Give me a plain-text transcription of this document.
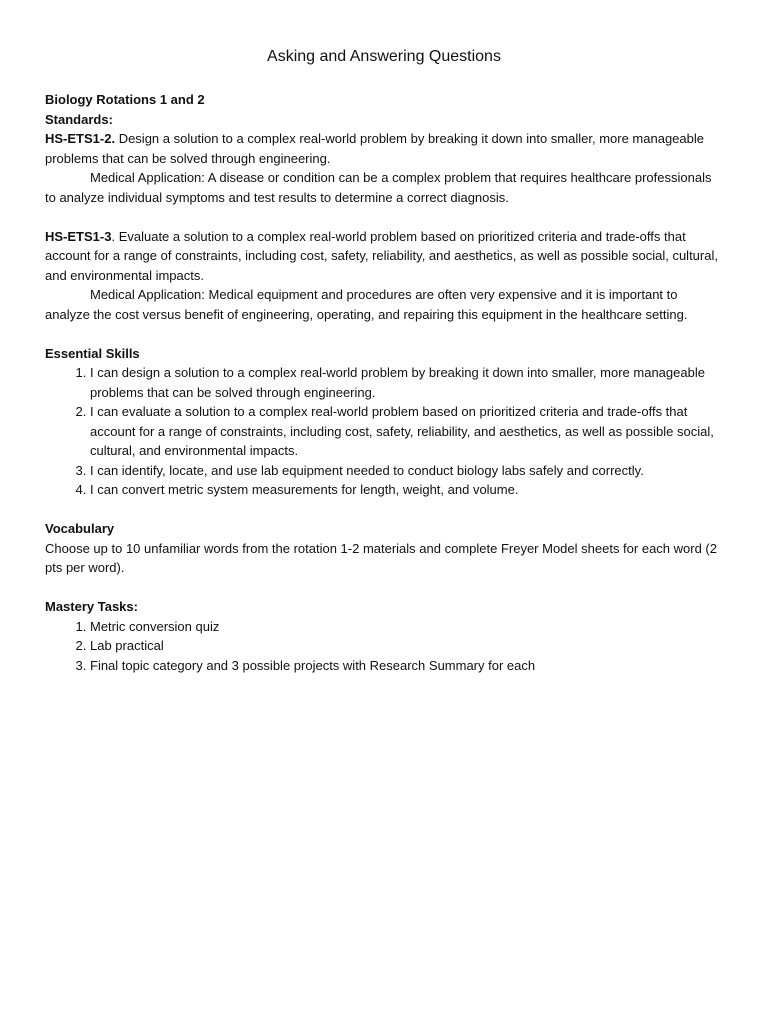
Asking and Answering Questions

Biology Rotations 1 and 2

Standards:

HS-ETS1-2. Design a solution to a complex real-world problem by breaking it down into smaller, more manageable problems that can be solved through engineering.

Medical Application: A disease or condition can be a complex problem that requires healthcare professionals to analyze individual symptoms and test results to determine a correct diagnosis.

HS-ETS1-3. Evaluate a solution to a complex real-world problem based on prioritized criteria and trade-offs that account for a range of constraints, including cost, safety, reliability, and aesthetics, as well as possible social, cultural, and environmental impacts.

Medical Application: Medical equipment and procedures are often very expensive and it is important to analyze the cost versus benefit of engineering, operating, and repairing this equipment in the healthcare setting.

Essential Skills

1. I can design a solution to a complex real-world problem by breaking it down into smaller, more manageable problems that can be solved through engineering.
2. I can evaluate a solution to a complex real-world problem based on prioritized criteria and trade-offs that account for a range of constraints, including cost, safety, reliability, and aesthetics, as well as possible social, cultural, and environmental impacts.
3. I can identify, locate, and use lab equipment needed to conduct biology labs safely and correctly.
4. I can convert metric system measurements for length, weight, and volume.

Vocabulary

Choose up to 10 unfamiliar words from the rotation 1-2 materials and complete Freyer Model sheets for each word (2 pts per word).

Mastery Tasks:

1. Metric conversion quiz
2. Lab practical
3. Final topic category and 3 possible projects with Research Summary for each
